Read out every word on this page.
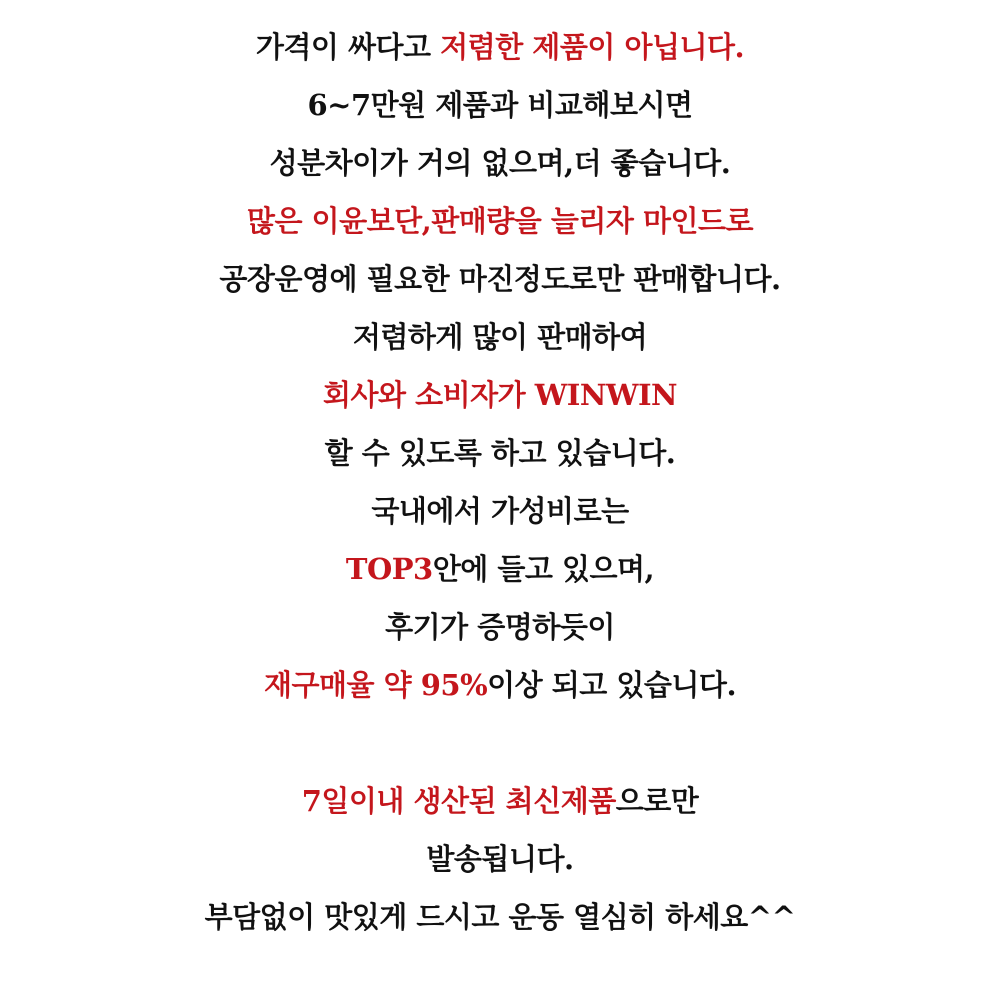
가격이 싸다고 저렴한 제품이 아닙니다.
6~7만원 제품과 비교해보시면
성분차이가 거의 없으며,더 좋습니다.
많은 이윤보단,판매량을 늘리자 마인드로
공장운영에 필요한 마진정도로만 판매합니다.
저렴하게 많이 판매하여
회사와 소비자가 WINWIN
할 수 있도록 하고 있습니다.
국내에서 가성비로는
TOP3안에 들고 있으며,
후기가 증명하듯이
재구매율 약 95%이상 되고 있습니다.
7일이내 생산된 최신제품으로만
발송됩니다.
부담없이 맛있게 드시고 운동 열심히 하세요^^
